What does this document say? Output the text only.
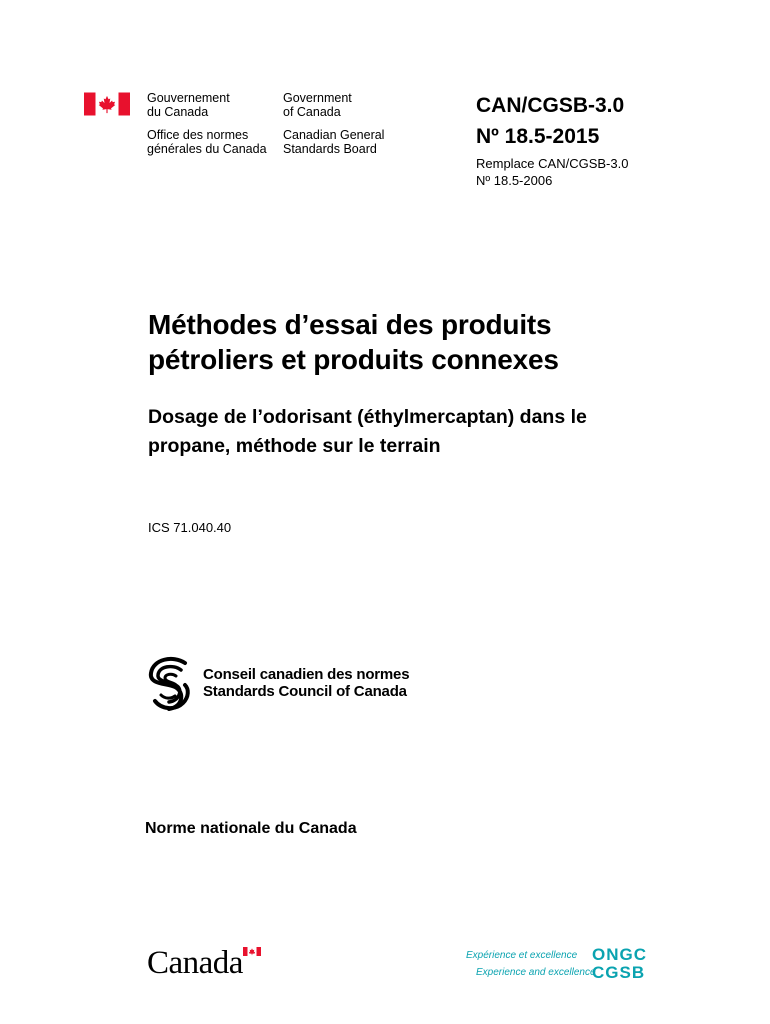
Gouvernement
du Canada
Government
of Canada
Office des normes
générales du Canada
Canadian General
Standards Board
CAN/CGSB-3.0
Nº 18.5-2015
Remplace CAN/CGSB-3.0
Nº 18.5-2006
Méthodes d’essai des produits
pétroliers et produits connexes
Dosage de l’odorisant (éthylmercaptan) dans le
propane, méthode sur le terrain
ICS 71.040.40
Conseil canadien des normes
Standards Council of Canada
Norme nationale du Canada
Canada	Expérience et excellence
Experience and excellence
ONGC
CGSB
